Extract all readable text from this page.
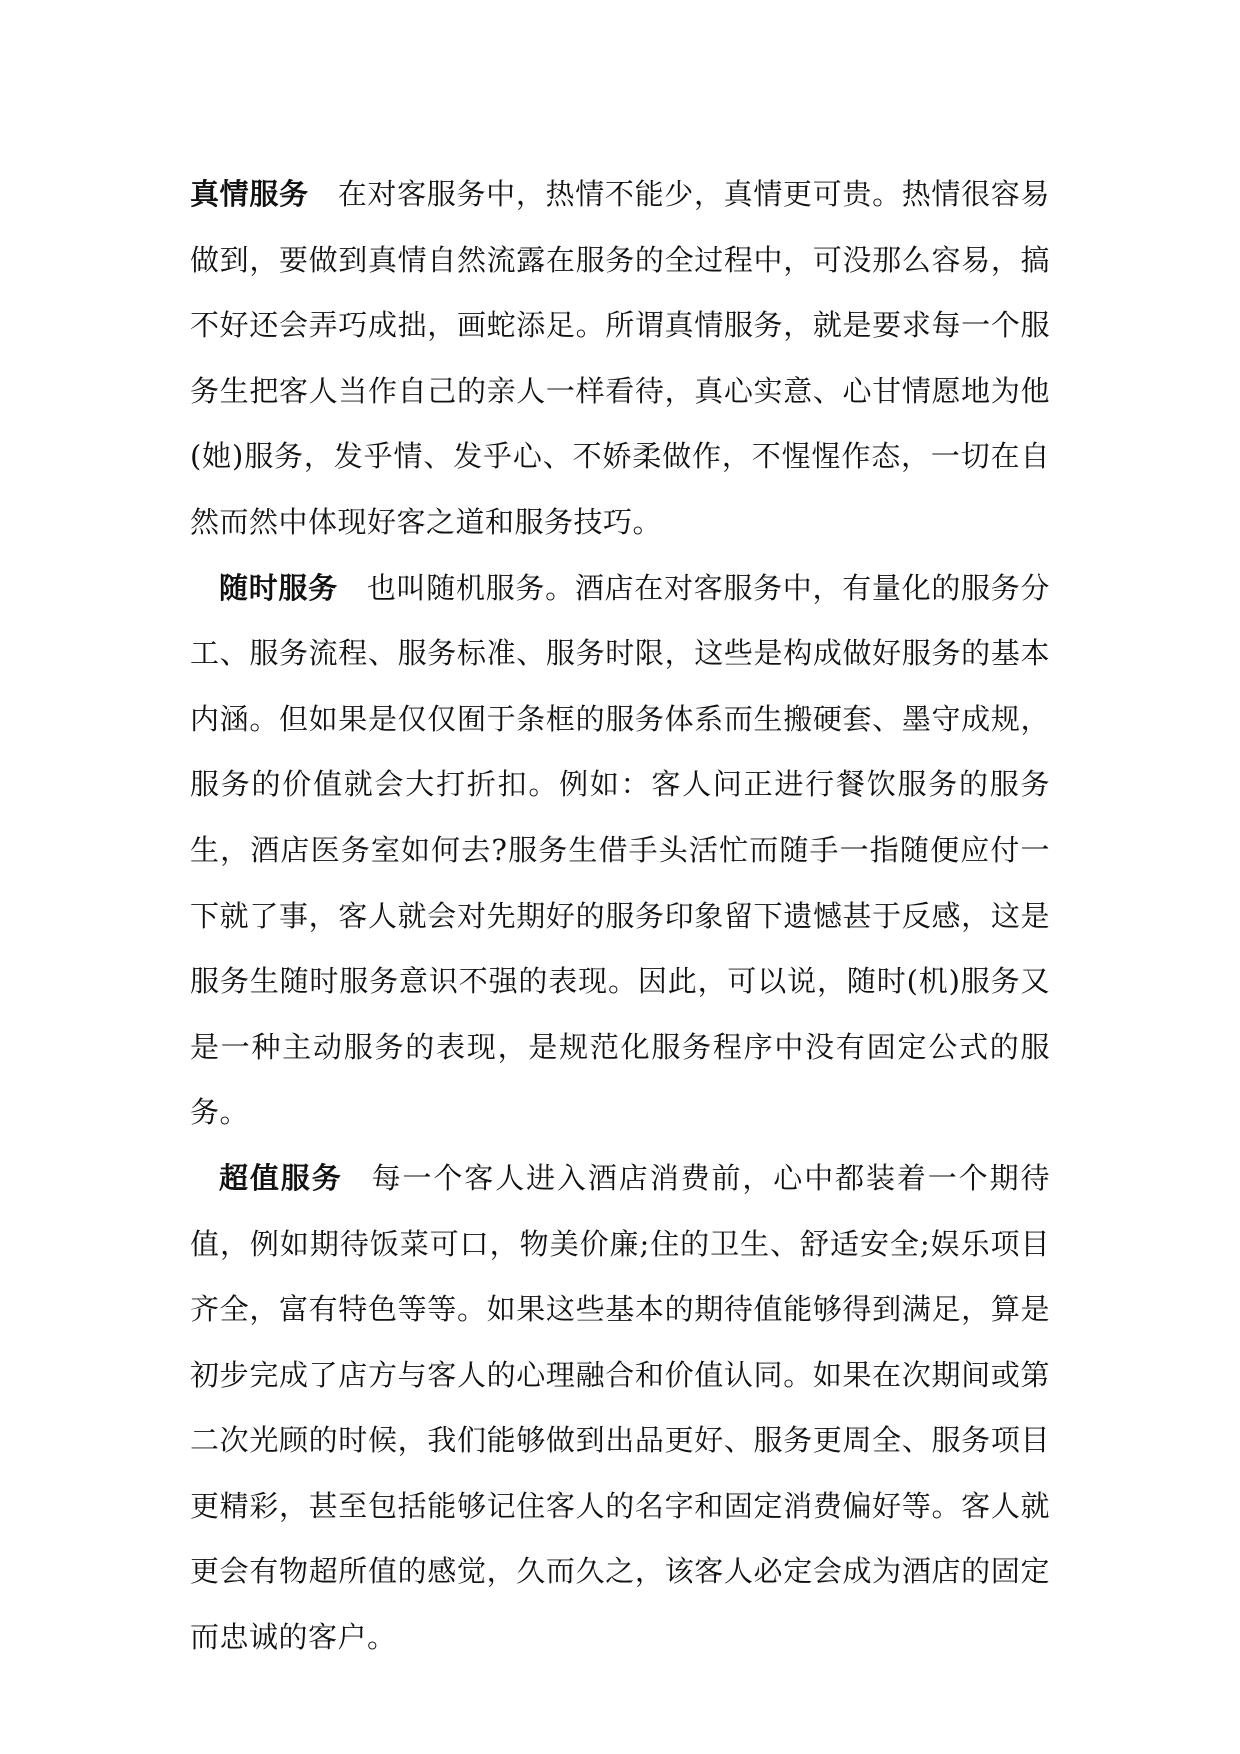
真情服务 在对客服务中，热情不能少，真情更可贵。热情很容易做到，要做到真情自然流露在服务的全过程中，可没那么容易，搞不好还会弄巧成拙，画蛇添足。所谓真情服务，就是要求每一个服务生把客人当作自己的亲人一样看待，真心实意、心甘情愿地为他(她)服务，发乎情、发乎心、不娇柔做作，不惺惺作态，一切在自然而然中体现好客之道和服务技巧。

随时服务 也叫随机服务。酒店在对客服务中，有量化的服务分工、服务流程、服务标准、服务时限，这些是构成做好服务的基本内涵。但如果是仅仅囿于条框的服务体系而生搬硬套、墨守成规，服务的价值就会大打折扣。例如：客人问正进行餐饮服务的服务生，酒店医务室如何去?服务生借手头活忙而随手一指随便应付一下就了事，客人就会对先期好的服务印象留下遗憾甚于反感，这是服务生随时服务意识不强的表现。因此，可以说，随时(机)服务又是一种主动服务的表现，是规范化服务程序中没有固定公式的服务。

超值服务 每一个客人进入酒店消费前，心中都装着一个期待值，例如期待饭菜可口，物美价廉;住的卫生、舒适安全;娱乐项目齐全，富有特色等等。如果这些基本的期待值能够得到满足，算是初步完成了店方与客人的心理融合和价值认同。如果在次期间或第二次光顾的时候，我们能够做到出品更好、服务更周全、服务项目更精彩，甚至包括能够记住客人的名字和固定消费偏好等。客人就更会有物超所值的感觉，久而久之，该客人必定会成为酒店的固定而忠诚的客户。
